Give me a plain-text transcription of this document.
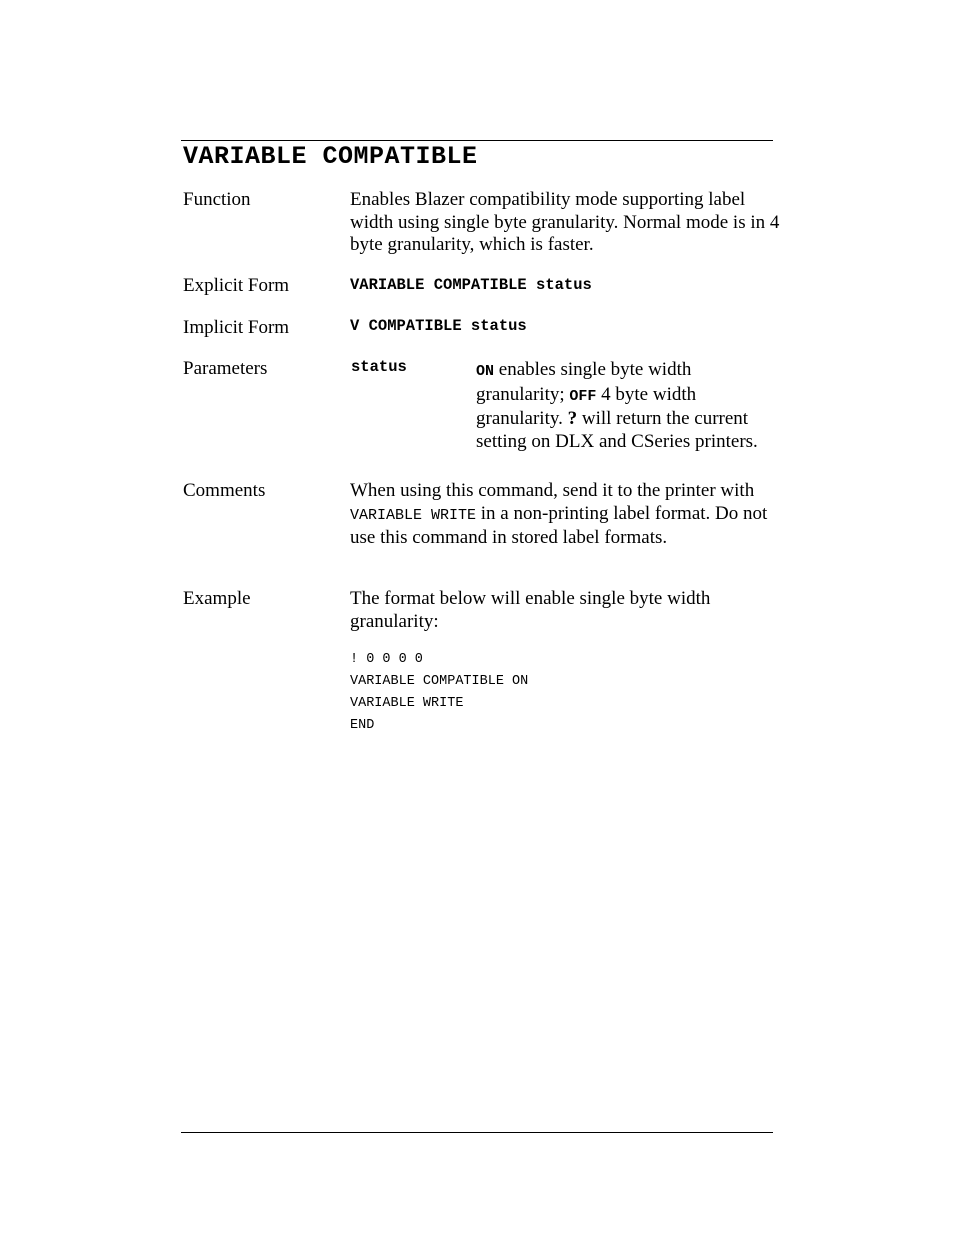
VARIABLE COMPATIBLE
Function	Enables Blazer compatibility mode supporting label width using single byte granularity. Normal mode is in 4 byte granularity, which is faster.
Explicit Form	VARIABLE COMPATIBLE status
Implicit Form	V COMPATIBLE status
Parameters	status	ON enables single byte width granularity; OFF 4 byte width granularity. ? will return the current setting on DLX and CSeries printers.
Comments	When using this command, send it to the printer with VARIABLE WRITE in a non-printing label format. Do not use this command in stored label formats.
Example	The format below will enable single byte width granularity:
! 0 0 0 0
VARIABLE COMPATIBLE ON
VARIABLE WRITE
END
